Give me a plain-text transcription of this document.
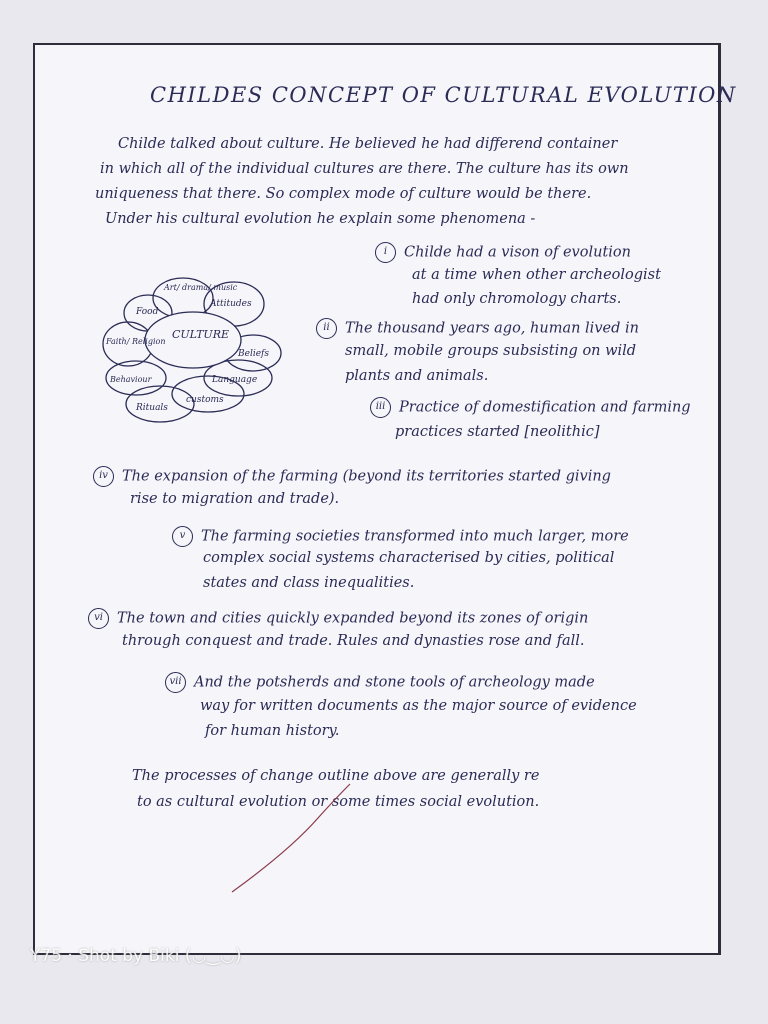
CHILDES CONCEPT OF CULTURAL EVOLUTION
Childe talked about culture. He believed he had differend container
in which all of the individual cultures are there. The culture has its own
uniqueness that there. So complex mode of culture would be there.
Under his cultural evolution he explain some phenomena -
CULTURE
Art/ drama/ music
Attitudes
Beliefs
Language
customs
Rituals
Behaviour
Faith/ Religion
Food
i Childe had a vison of evolution
at a time when other archeologist
had only chromology charts.
ii The thousand years ago, human lived in
small, mobile groups subsisting on wild
plants and animals.
iii Practice of domestification and farming
practices started [neolithic]
iv The expansion of the farming (beyond its territories started giving
rise to migration and trade).
v The farming societies transformed into much larger, more
complex social systems characterised by cities, political
states and class inequalities.
vi The town and cities quickly expanded beyond its zones of origin
through conquest and trade. Rules and dynasties rose and fall.
vii And the potsherds and stone tools of archeology made
way for written documents as the major source of evidence
for human history.
The processes of change outline above are generally re
to as cultural evolution or some times social evolution.
Y75 · Shot by Biki (◡‿◡)
